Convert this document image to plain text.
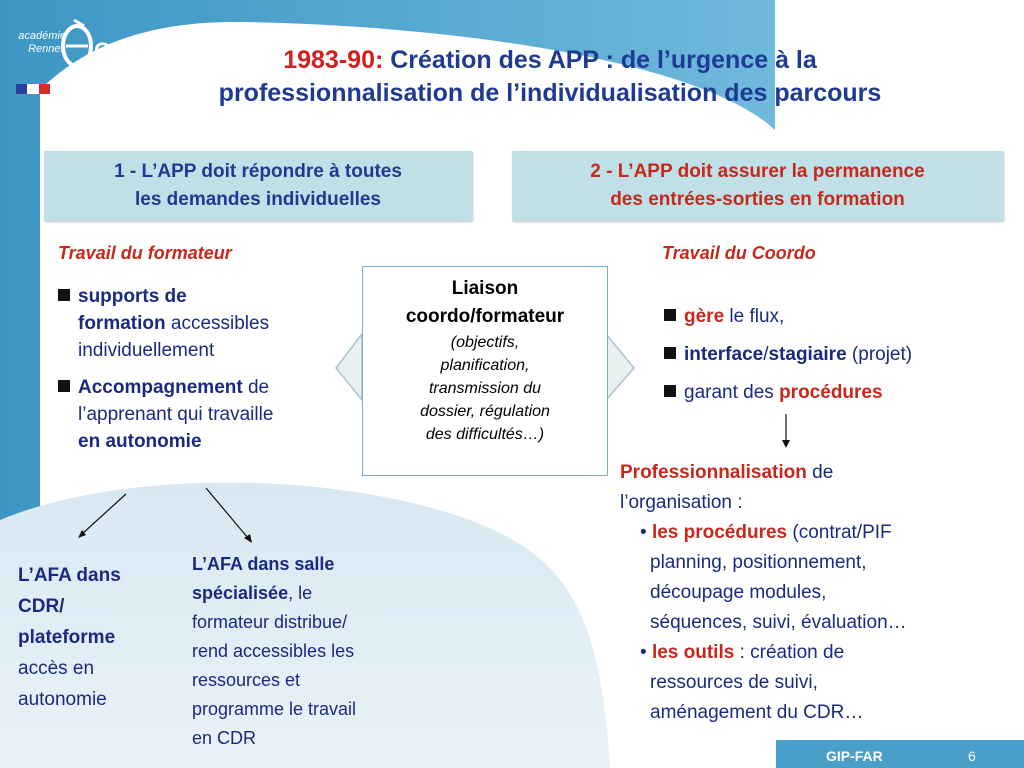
académie
Rennes GIP-FAR	1983-90: Création des APP : de l’urgence à la
professionnalisation de l’individualisation des parcours
1 - L’APP doit répondre à toutes
les demandes individuelles
2 - L’APP doit assurer la permanence
des entrées-sorties en formation
Travail du formateur
supports de
formation accessibles
individuellement
Accompagnement de
l’apprenant qui travaille
en autonomie
Liaison
coordo/formateur
(objectifs,
planification,
transmission du
dossier, régulation
des difficultés…)
Travail du Coordo
gère le flux,
interface/stagiaire (projet)
garant des procédures
Professionnalisation de
l’organisation :
• les procédures (contrat/PIF
planning, positionnement,
découpage modules,
séquences, suivi, évaluation…
• les outils : création de
ressources de suivi,
aménagement du CDR…
L’AFA dans
CDR/
plateforme
accès en
autonomie
L’AFA dans salle
spécialisée, le
formateur distribue/
rend accessibles les
ressources et
programme le travail
en CDR
GIP-FAR	6
